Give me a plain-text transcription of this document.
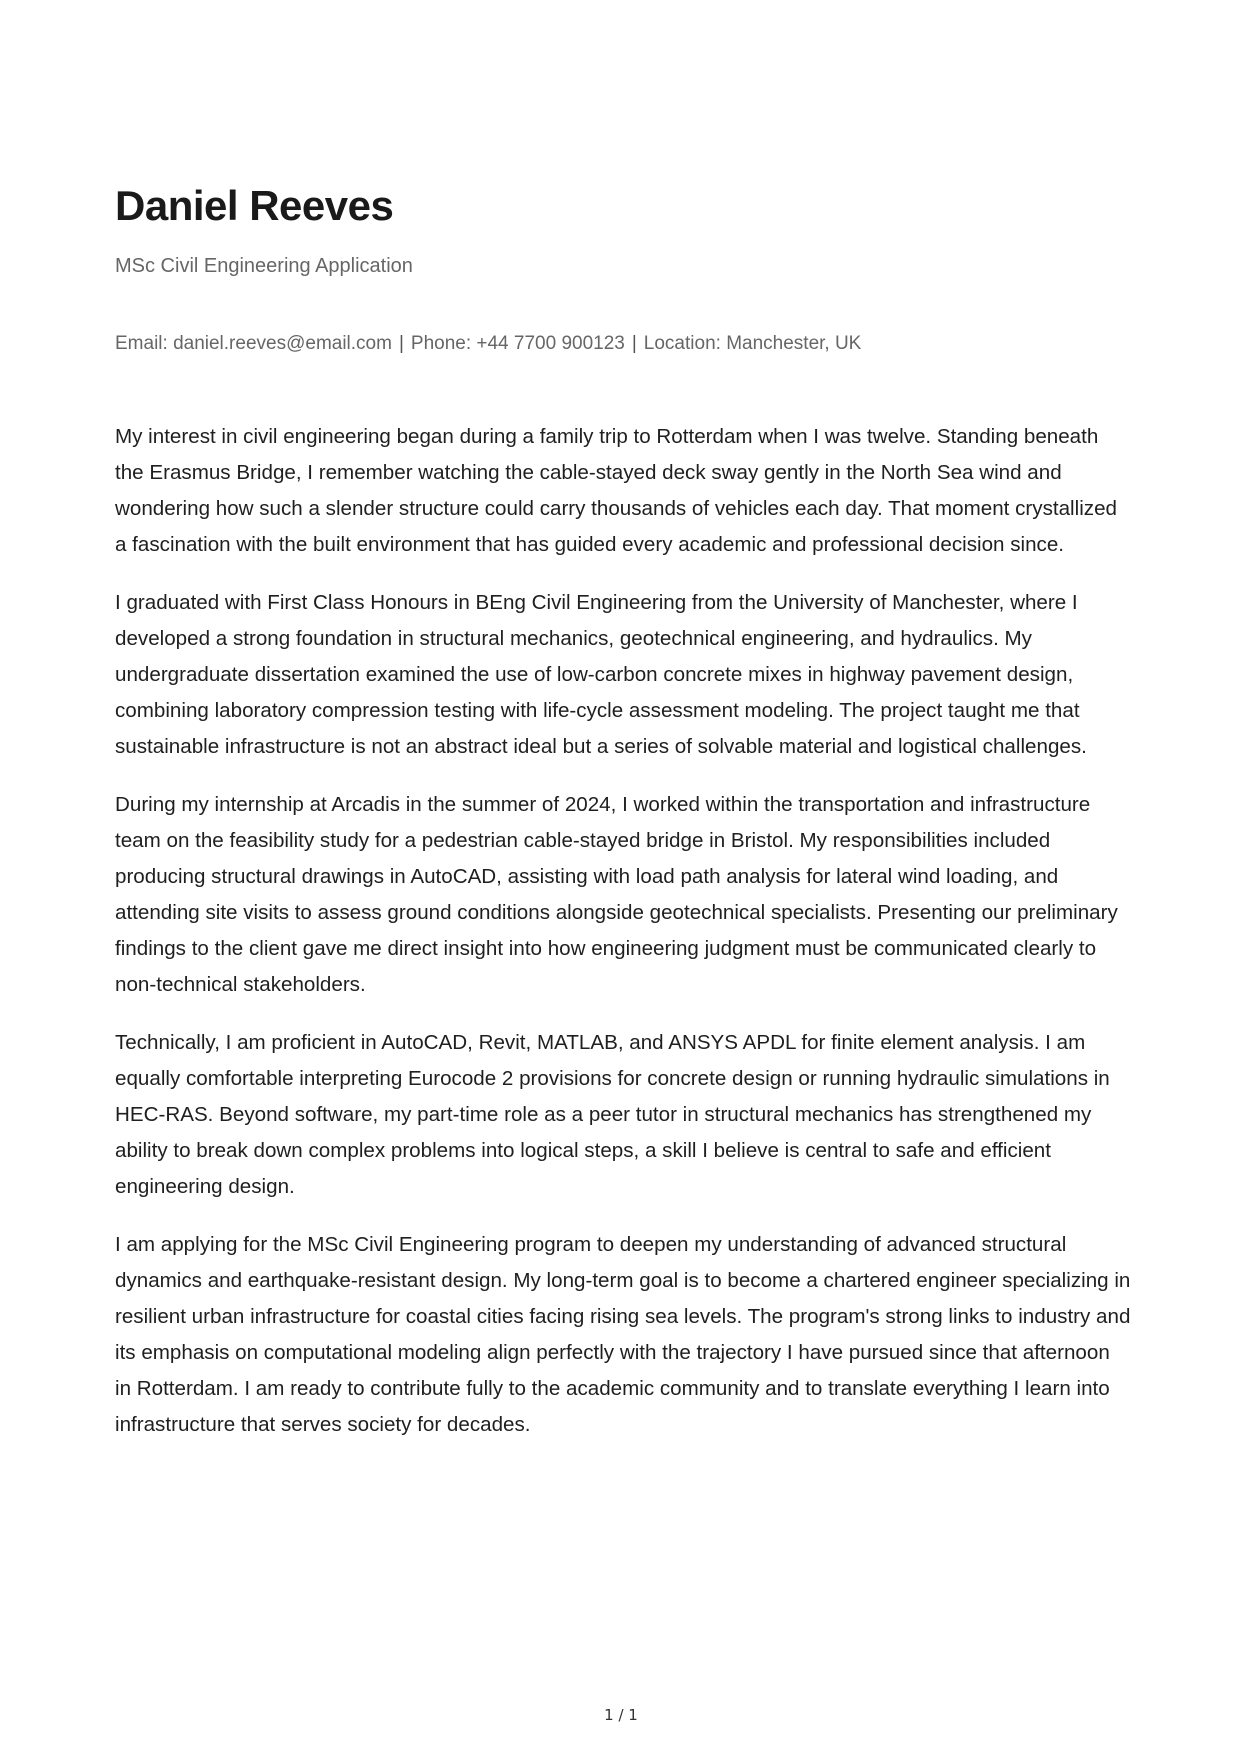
Daniel Reeves

MSc Civil Engineering Application

Email: daniel.reeves@email.com | Phone: +44 7700 900123 | Location: Manchester, UK

My interest in civil engineering began during a family trip to Rotterdam when I was twelve. Standing beneath the Erasmus Bridge, I remember watching the cable-stayed deck sway gently in the North Sea wind and wondering how such a slender structure could carry thousands of vehicles each day. That moment crystallized a fascination with the built environment that has guided every academic and professional decision since.

I graduated with First Class Honours in BEng Civil Engineering from the University of Manchester, where I developed a strong foundation in structural mechanics, geotechnical engineering, and hydraulics. My undergraduate dissertation examined the use of low-carbon concrete mixes in highway pavement design, combining laboratory compression testing with life-cycle assessment modeling. The project taught me that sustainable infrastructure is not an abstract ideal but a series of solvable material and logistical challenges.

During my internship at Arcadis in the summer of 2024, I worked within the transportation and infrastructure team on the feasibility study for a pedestrian cable-stayed bridge in Bristol. My responsibilities included producing structural drawings in AutoCAD, assisting with load path analysis for lateral wind loading, and attending site visits to assess ground conditions alongside geotechnical specialists. Presenting our preliminary findings to the client gave me direct insight into how engineering judgment must be communicated clearly to non-technical stakeholders.

Technically, I am proficient in AutoCAD, Revit, MATLAB, and ANSYS APDL for finite element analysis. I am equally comfortable interpreting Eurocode 2 provisions for concrete design or running hydraulic simulations in HEC-RAS. Beyond software, my part-time role as a peer tutor in structural mechanics has strengthened my ability to break down complex problems into logical steps, a skill I believe is central to safe and efficient engineering design.

I am applying for the MSc Civil Engineering program to deepen my understanding of advanced structural dynamics and earthquake-resistant design. My long-term goal is to become a chartered engineer specializing in resilient urban infrastructure for coastal cities facing rising sea levels. The program's strong links to industry and its emphasis on computational modeling align perfectly with the trajectory I have pursued since that afternoon in Rotterdam. I am ready to contribute fully to the academic community and to translate everything I learn into infrastructure that serves society for decades.

1 / 1
